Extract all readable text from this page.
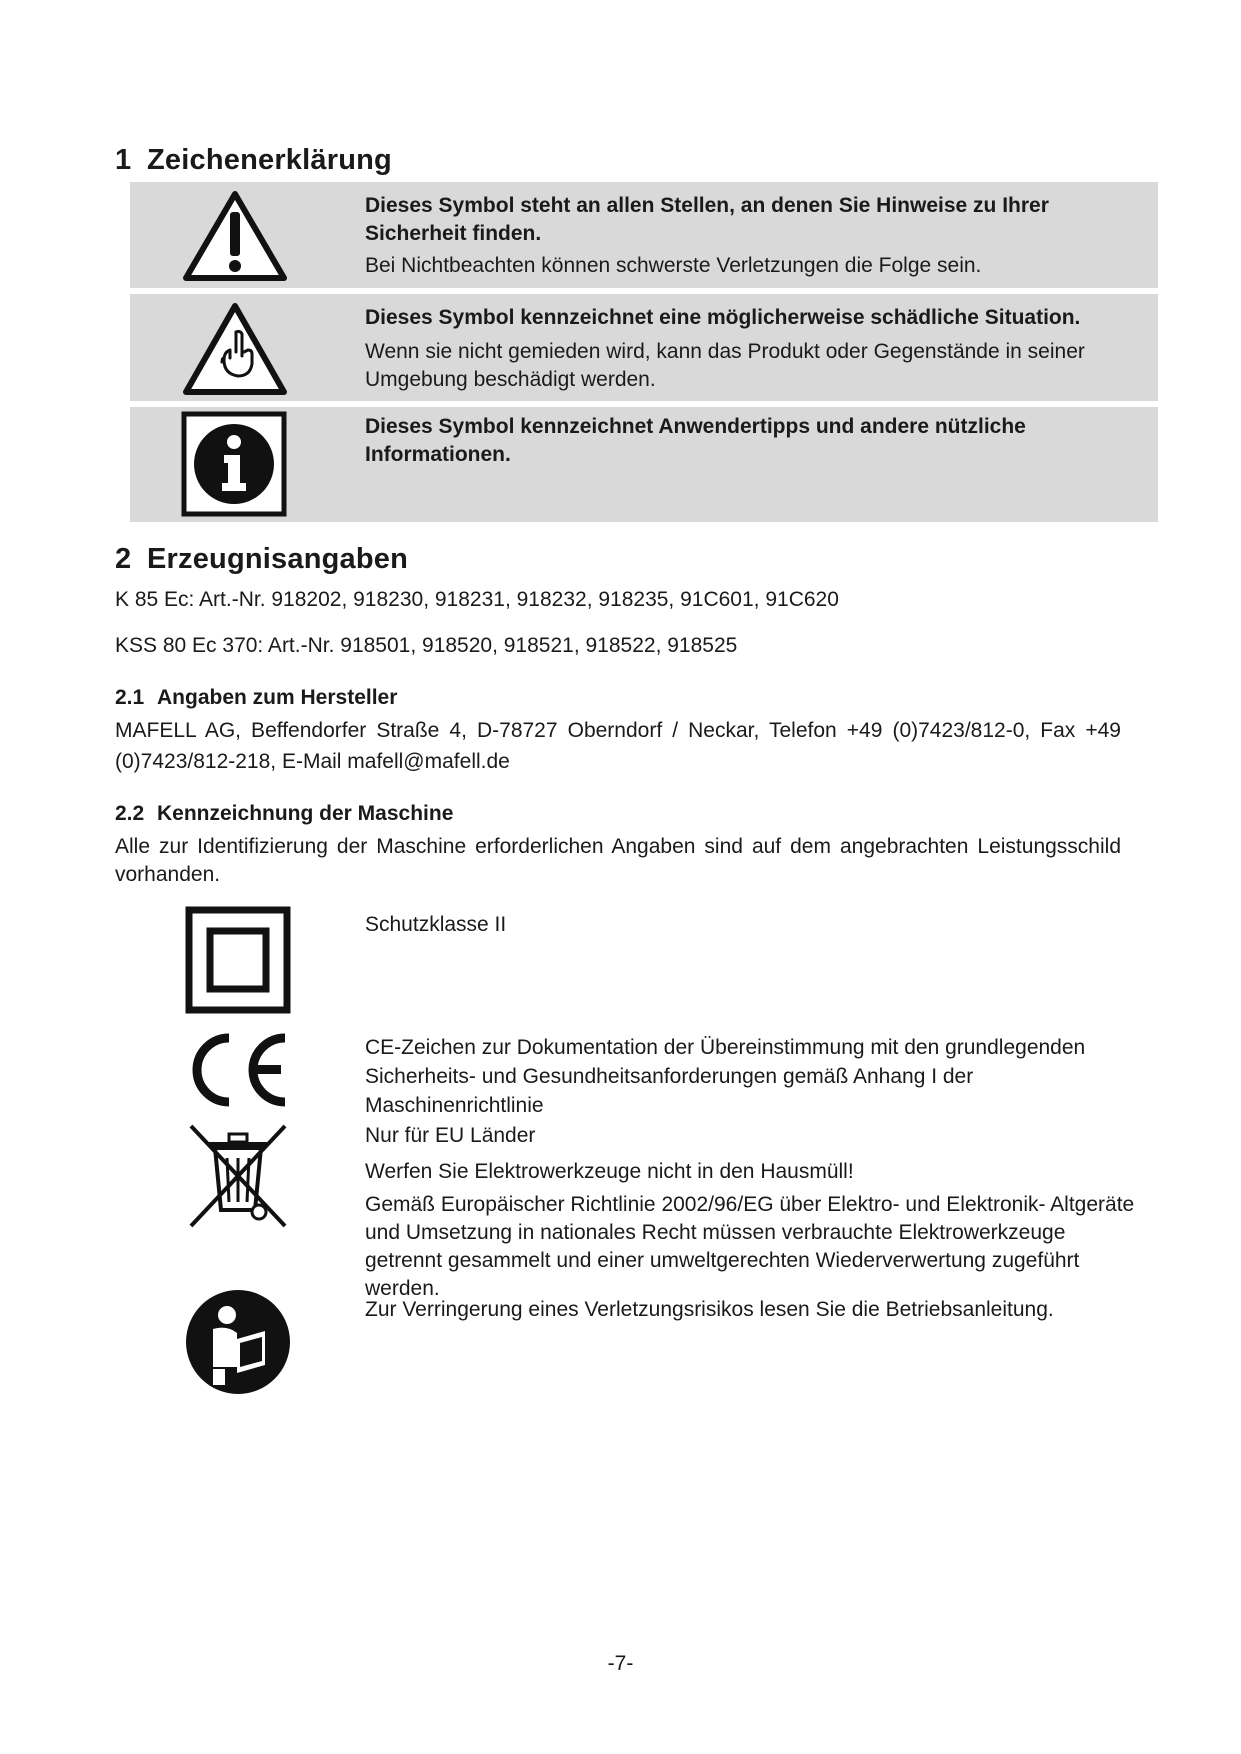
1 Zeichenerklärung
Dieses Symbol steht an allen Stellen, an denen Sie Hinweise zu Ihrer Sicherheit finden.
Bei Nichtbeachten können schwerste Verletzungen die Folge sein.
Dieses Symbol kennzeichnet eine möglicherweise schädliche Situation.
Wenn sie nicht gemieden wird, kann das Produkt oder Gegenstände in seiner Umgebung beschädigt werden.
Dieses Symbol kennzeichnet Anwendertipps und andere nützliche Informationen.
2 Erzeugnisangaben
K 85 Ec: Art.-Nr. 918202, 918230, 918231, 918232, 918235, 91C601, 91C620
KSS 80 Ec 370: Art.-Nr. 918501, 918520, 918521, 918522, 918525
2.1 Angaben zum Hersteller
MAFELL AG, Beffendorfer Straße 4, D-78727 Oberndorf / Neckar, Telefon +49 (0)7423/812-0, Fax +49 (0)7423/812-218, E-Mail mafell@mafell.de
2.2 Kennzeichnung der Maschine
Alle zur Identifizierung der Maschine erforderlichen Angaben sind auf dem angebrachten Leistungsschild vorhanden.
Schutzklasse II
CE-Zeichen zur Dokumentation der Übereinstimmung mit den grundlegenden Sicherheits- und Gesundheitsanforderungen gemäß Anhang I der Maschinenrichtlinie
Nur für EU Länder
Werfen Sie Elektrowerkzeuge nicht in den Hausmüll!
Gemäß Europäischer Richtlinie 2002/96/EG über Elektro- und Elektronik- Altgeräte und Umsetzung in nationales Recht müssen verbrauchte Elektrowerkzeuge getrennt gesammelt und einer umweltgerechten Wiederverwertung zugeführt werden.
Zur Verringerung eines Verletzungsrisikos lesen Sie die Betriebsanleitung.
-7-
